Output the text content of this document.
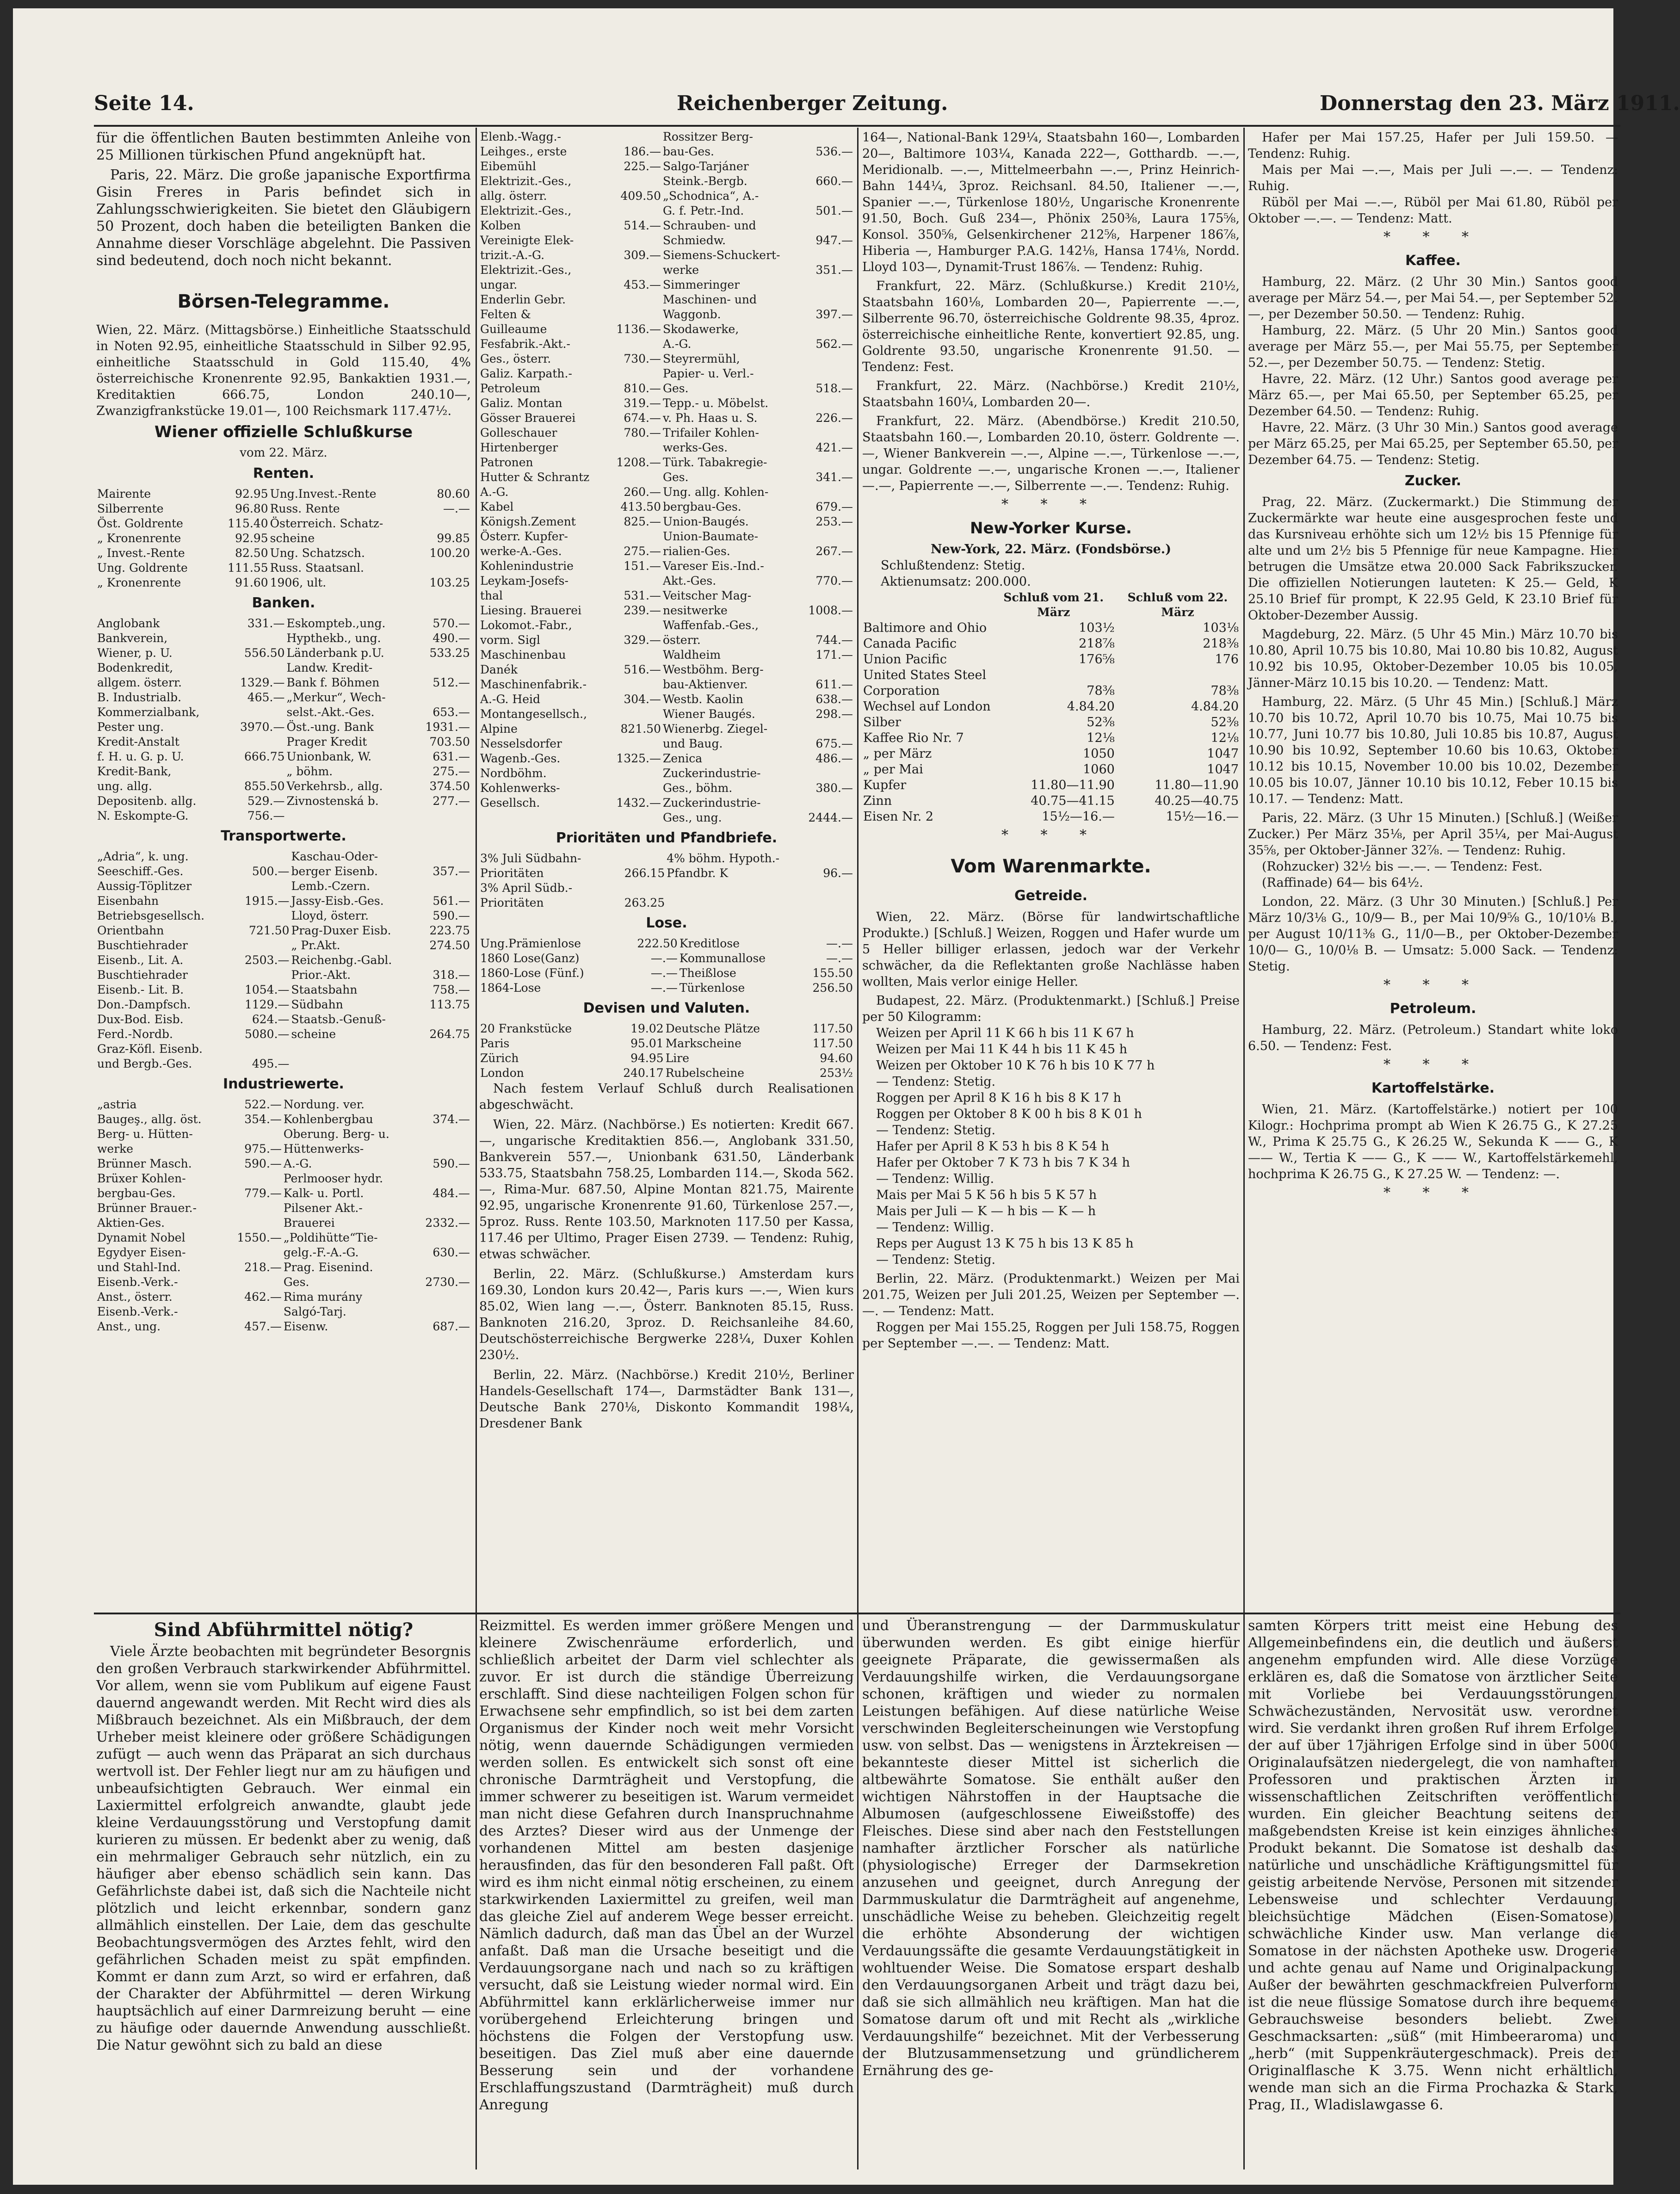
Seite 14.	Reichenberger Zeitung.	Donnerstag den 23. März 1911.

für die öffentlichen Bauten bestimmten Anleihe von 25 Millionen türkischen Pfund angeknüpft hat.

Paris, 22. März. Die große japanische Exportfirma Gisin Freres in Paris befindet sich in Zahlungsschwierigkeiten. Sie bietet den Gläubigern 50 Prozent, doch haben die beteiligten Banken die Annahme dieser Vorschläge abgelehnt. Die Passiven sind bedeutend, doch noch nicht bekannt.

Börsen-Telegramme.

Wien, 22. März. (Mittagsbörse.) Einheitliche Staatsschuld in Noten 92.95, einheitliche Staatsschuld in Silber 92.95, einheitliche Staatsschuld in Gold 115.40, 4% österreichische Kronenrente 92.95, Bankaktien 1931.—, Kreditaktien 666.75, London 240.10—, Zwanzigfrankstücke 19.01—, 100 Reichsmark 117.47½.

Wiener offizielle Schlußkurse
vom 22. März.
Renten.
Mairente	92.95	Ung.Invest.-Rente	80.60
Silberrente	96.80	Russ. Rente	—.—
Öst. Goldrente	115.40	Österreich. Schatz-	
„ Kronenrente	92.95	scheine	99.85
„ Invest.-Rente	82.50	Ung. Schatzsch.	100.20
Ung. Goldrente	111.55	Russ. Staatsanl.	
„ Kronenrente	91.60	1906, ult.	103.25
Banken.
Anglobank	331.—	Eskompteb.,ung.	570.—
Bankverein,		Hypthekb., ung.	490.—
Wiener, p. U.	556.50	Länderbank p.U.	533.25
Bodenkredit,		Landw. Kredit-	
allgem. österr.	1329.—	Bank f. Böhmen	512.—
B. Industrialb.	465.—	„Merkur“, Wech-	
Kommerzialbank,		selst.-Akt.-Ges.	653.—
Pester ung.	3970.—	Öst.-ung. Bank	1931.—
Kredit-Anstalt		Prager Kredit	703.50
f. H. u. G. p. U.	666.75	Unionbank, W.	631.—
Kredit-Bank,		„ böhm.	275.—
ung. allg.	855.50	Verkehrsb., allg.	374.50
Depositenb. allg.	529.—	Zivnostenská b.	277.—
N. Eskompte-G.	756.—		
Transportwerte.
„Adria“, k. ung.		Kaschau-Oder-	
Seeschiff.-Ges.	500.—	berger Eisenb.	357.—
Aussig-Töplitzer		Lemb.-Czern.	
Eisenbahn	1915.—	Jassy-Eisb.-Ges.	561.—
Betriebsgesellsch.		Lloyd, österr.	590.—
Orientbahn	721.50	Prag-Duxer Eisb.	223.75
Buschtiehrader		„ Pr.Akt.	274.50
Eisenb., Lit. A.	2503.—	Reichenbg.-Gabl.	
Buschtiehrader		Prior.-Akt.	318.—
Eisenb.- Lit. B.	1054.—	Staatsbahn	758.—
Don.-Dampfsch.	1129.—	Südbahn	113.75
Dux-Bod. Eisb.	624.—	Staatsb.-Genuß-	
Ferd.-Nordb.	5080.—	scheine	264.75
Graz-Köfl. Eisenb.			
und Bergb.-Ges.	495.—		
Industriewerte.
„astria	522.—	Nordung. ver.	
Baugeş., allg. öst.	354.—	Kohlenbergbau	374.—
Berg- u. Hütten-		Oberung. Berg- u.	
werke	975.—	Hüttenwerks-	
Brünner Masch.	590.—	A.-G.	590.—
Brüxer Kohlen-		Perlmooser hydr.	
bergbau-Ges.	779.—	Kalk- u. Portl.	484.—
Brünner Brauer.-		Pilsener Akt.-	
Aktien-Ges.		Brauerei	2332.—
Dynamit Nobel	1550.—	„Poldihütte“Tie-	
Egydyer Eisen-		gelg.-F.-A.-G.	630.—
und Stahl-Ind.	218.—	Prag. Eisenind.	
Eisenb.-Verk.-		Ges.	2730.—
Anst., österr.	462.—	Rima murány	
Eisenb.-Verk.-		Salgó-Tarj.	
Anst., ung.	457.—	Eisenw.	687.—
Elenb.-Wagg.-		Rossitzer Berg-	
Leihges., erste	186.—	bau-Ges.	536.—
Eibemühl	225.—	Salgo-Tarjáner	
Elektrizit.-Ges.,		Steink.-Bergb.	660.—
allg. österr.	409.50	„Schodnica“, A.-	
Elektrizit.-Ges.,		G. f. Petr.-Ind.	501.—
Kolben	514.—	Schrauben- und	
Vereinigte Elek-		Schmiedw.	947.—
trizit.-A.-G.	309.—	Siemens-Schuckert-	
Elektrizit.-Ges.,		werke	351.—
ungar.	453.—	Simmeringer	
Enderlin Gebr.		Maschinen- und	
Felten &		Waggonb.	397.—
Guilleaume	1136.—	Skodawerke,	
Fesfabrik.-Akt.-		A.-G.	562.—
Ges., österr.	730.—	Steyrermühl,	
Galiz. Karpath.-		Papier- u. Verl.-	
Petroleum	810.—	Ges.	518.—
Galiz. Montan	319.—	Tepp.- u. Möbelst.	
Gösser Brauerei	674.—	v. Ph. Haas u. S.	226.—
Golleschauer	780.—	Trifailer Kohlen-	
Hirtenberger		werks-Ges.	421.—
Patronen	1208.—	Türk. Tabakregie-	
Hutter & Schrantz		Ges.	341.—
A.-G.	260.—	Ung. allg. Kohlen-	
Kabel	413.50	bergbau-Ges.	679.—
Königsh.Zement	825.—	Union-Baugés.	253.—
Österr. Kupfer-		Union-Baumate-	
werke-A.-Ges.	275.—	rialien-Ges.	267.—
Kohlenindustrie	151.—	Vareser Eis.-Ind.-	
Leykam-Josefs-		Akt.-Ges.	770.—
thal	531.—	Veitscher Mag-	
Liesing. Brauerei	239.—	nesitwerke	1008.—
Lokomot.-Fabr.,		Waffenfab.-Ges.,	
vorm. Sigl	329.—	österr.	744.—
Maschinenbau		Waldheim	171.—
Danék	516.—	Westböhm. Berg-	
Maschinenfabrik.-		bau-Aktienver.	611.—
A.-G. Heid	304.—	Westb. Kaolin	638.—
Montangesellsch.,		Wiener Baugés.	298.—
Alpine	821.50	Wienerbg. Ziegel-	
Nesselsdorfer		und Baug.	675.—
Wagenb.-Ges.	1325.—	Zenica	486.—
Nordböhm.		Zuckerindustrie-	
Kohlenwerks-		Ges., böhm.	380.—
Gesellsch.	1432.—	Zuckerindustrie-	
		Ges., ung.	2444.—
Prioritäten und Pfandbriefe.
3% Juli Südbahn-		4% böhm. Hypoth.-	
Prioritäten	266.15	Pfandbr. K	96.—
3% April Südb.-			
Prioritäten	263.25		
Lose.
Ung.Prämienlose	222.50	Kreditlose	—.—
1860 Lose(Ganz)	—.—	Kommunallose	—.—
1860-Lose (Fünf.)	—.—	Theißlose	155.50
1864-Lose	—.—	Türkenlose	256.50
Devisen und Valuten.
20 Frankstücke	19.02	Deutsche Plätze	117.50
Paris	95.01	Markscheine	117.50
Zürich	94.95	Lire	94.60
London	240.17	Rubelscheine	253½

Nach festem Verlauf Schluß durch Realisationen abgeschwächt.

Wien, 22. März. (Nachbörse.) Es notierten: Kredit 667.—, ungarische Kreditaktien 856.—, Anglobank 331.50, Bankverein 557.—, Unionbank 631.50, Länderbank 533.75, Staatsbahn 758.25, Lombarden 114.—, Skoda 562.—, Rima-Mur. 687.50, Alpine Montan 821.75, Mairente 92.95, ungarische Kronenrente 91.60, Türkenlose 257.—, 5proz. Russ. Rente 103.50, Marknoten 117.50 per Kassa, 117.46 per Ultimo, Prager Eisen 2739. — Tendenz: Ruhig, etwas schwächer.

Berlin, 22. März. (Schlußkurse.) Amsterdam kurs 169.30, London kurs 20.42—, Paris kurs —.—, Wien kurs 85.02, Wien lang —.—, Österr. Banknoten 85.15, Russ. Banknoten 216.20, 3proz. D. Reichsanleihe 84.60, Deutschösterreichische Bergwerke 228¼, Duxer Kohlen 230½.

Berlin, 22. März. (Nachbörse.) Kredit 210½, Berliner Handels-Gesellschaft 174—, Darmstädter Bank 131—, Deutsche Bank 270⅛, Diskonto Kommandit 198¼, Dresdener Bank

164—, National-Bank 129¼, Staatsbahn 160—, Lombarden 20—, Baltimore 103¼, Kanada 222—, Gotthardb. —.—, Meridionalb. —.—, Mittelmeerbahn —.—, Prinz Heinrich-Bahn 144¼, 3proz. Reichsanl. 84.50, Italiener —.—, Spanier —.—, Türkenlose 180½, Ungarische Kronenrente 91.50, Boch. Guß 234—, Phönix 250⅜, Laura 175⅝, Konsol. 350⅝, Gelsenkirchener 212⅝, Harpener 186⅞, Hiberia —, Hamburger P.A.G. 142⅛, Hansa 174⅛, Nordd. Lloyd 103—, Dynamit-Trust 186⅞. — Tendenz: Ruhig.

Frankfurt, 22. März. (Schlußkurse.) Kredit 210½, Staatsbahn 160⅛, Lombarden 20—, Papierrente —.—, Silberrente 96.70, österreichische Goldrente 98.35, 4proz. österreichische einheitliche Rente, konvertiert 92.85, ung. Goldrente 93.50, ungarische Kronenrente 91.50. — Tendenz: Fest.

Frankfurt, 22. März. (Nachbörse.) Kredit 210½, Staatsbahn 160¼, Lombarden 20—.

Frankfurt, 22. März. (Abendbörse.) Kredit 210.50, Staatsbahn 160.—, Lombarden 20.10, österr. Goldrente —.—, Wiener Bankverein —.—, Alpine —.—, Türkenlose —.—, ungar. Goldrente —.—, ungarische Kronen —.—, Italiener —.—, Papierrente —.—, Silberrente —.—. Tendenz: Ruhig.

* * *
New-Yorker Kurse.

New-York, 22. März. (Fondsbörse.)

Schlußtendenz: Stetig.

Aktienumsatz: 200.000.

	Schluß vom 21. März	Schluß vom 22. März
Baltimore and Ohio	103½	103⅛
Canada Pacific	218⅞	218⅜
Union Pacific	176⅝	176
United States Steel		
Corporation	78⅜	78⅜
Wechsel auf London	4.84.20	4.84.20
Silber	52⅜	52⅜
Kaffee Rio Nr. 7	12⅛	12⅛
„ per März	1050	1047
„ per Mai	1060	1047
Kupfer	11.80—11.90	11.80—11.90
Zinn	40.75—41.15	40.25—40.75
Eisen Nr. 2	15½—16.—	15½—16.—
* * *
Vom Warenmarkte.
Getreide.

Wien, 22. März. (Börse für landwirtschaftliche Produkte.) [Schluß.] Weizen, Roggen und Hafer wurde um 5 Heller billiger erlassen, jedoch war der Verkehr schwächer, da die Reflektanten große Nachlässe haben wollten, Mais verlor einige Heller.

Budapest, 22. März. (Produktenmarkt.) [Schluß.] Preise per 50 Kilogramm:

Weizen per April 11 K 66 h bis 11 K 67 h

Weizen per Mai 11 K 44 h bis 11 K 45 h

Weizen per Oktober 10 K 76 h bis 10 K 77 h

— Tendenz: Stetig.

Roggen per April 8 K 16 h bis 8 K 17 h

Roggen per Oktober 8 K 00 h bis 8 K 01 h

— Tendenz: Stetig.

Hafer per April 8 K 53 h bis 8 K 54 h

Hafer per Oktober 7 K 73 h bis 7 K 34 h

— Tendenz: Willig.

Mais per Mai 5 K 56 h bis 5 K 57 h

Mais per Juli — K — h bis — K — h

— Tendenz: Willig.

Reps per August 13 K 75 h bis 13 K 85 h

— Tendenz: Stetig.

Berlin, 22. März. (Produktenmarkt.) Weizen per Mai 201.75, Weizen per Juli 201.25, Weizen per September —.—. — Tendenz: Matt.

Roggen per Mai 155.25, Roggen per Juli 158.75, Roggen per September —.—. — Tendenz: Matt.

Hafer per Mai 157.25, Hafer per Juli 159.50. — Tendenz: Ruhig.

Mais per Mai —.—, Mais per Juli —.—. — Tendenz: Ruhig.

Rüböl per Mai —.—, Rüböl per Mai 61.80, Rüböl per Oktober —.—. — Tendenz: Matt.

* * *
Kaffee.

Hamburg, 22. März. (2 Uhr 30 Min.) Santos good average per März 54.—, per Mai 54.—, per September 52.—, per Dezember 50.50. — Tendenz: Ruhig.

Hamburg, 22. März. (5 Uhr 20 Min.) Santos good average per März 55.—, per Mai 55.75, per September 52.—, per Dezember 50.75. — Tendenz: Stetig.

Havre, 22. März. (12 Uhr.) Santos good average per März 65.—, per Mai 65.50, per September 65.25, per Dezember 64.50. — Tendenz: Ruhig.

Havre, 22. März. (3 Uhr 30 Min.) Santos good average per März 65.25, per Mai 65.25, per September 65.50, per Dezember 64.75. — Tendenz: Stetig.

Zucker.

Prag, 22. März. (Zuckermarkt.) Die Stimmung der Zuckermärkte war heute eine ausgesprochen feste und das Kursniveau erhöhte sich um 12½ bis 15 Pfennige für alte und um 2½ bis 5 Pfennige für neue Kampagne. Hier betrugen die Umsätze etwa 20.000 Sack Fabrikszucker. Die offiziellen Notierungen lauteten: K 25.— Geld, K 25.10 Brief für prompt, K 22.95 Geld, K 23.10 Brief für Oktober-Dezember Aussig.

Magdeburg, 22. März. (5 Uhr 45 Min.) März 10.70 bis 10.80, April 10.75 bis 10.80, Mai 10.80 bis 10.82, August 10.92 bis 10.95, Oktober-Dezember 10.05 bis 10.05, Jänner-März 10.15 bis 10.20. — Tendenz: Matt.

Hamburg, 22. März. (5 Uhr 45 Min.) [Schluß.] März 10.70 bis 10.72, April 10.70 bis 10.75, Mai 10.75 bis 10.77, Juni 10.77 bis 10.80, Juli 10.85 bis 10.87, August 10.90 bis 10.92, September 10.60 bis 10.63, Oktober 10.12 bis 10.15, November 10.00 bis 10.02, Dezember 10.05 bis 10.07, Jänner 10.10 bis 10.12, Feber 10.15 bis 10.17. — Tendenz: Matt.

Paris, 22. März. (3 Uhr 15 Minuten.) [Schluß.] (Weißer Zucker.) Per März 35⅛, per April 35¼, per Mai-August 35⅝, per Oktober-Jänner 32⅞. — Tendenz: Ruhig.

(Rohzucker) 32½ bis —.—. — Tendenz: Fest.

(Raffinade) 64— bis 64½.

London, 22. März. (3 Uhr 30 Minuten.) [Schluß.] Per März 10/3⅛ G., 10/9— B., per Mai 10/9⅝ G., 10/10⅛ B., per August 10/11⅜ G., 11/0—B., per Oktober-Dezember 10/0— G., 10/0⅛ B. — Umsatz: 5.000 Sack. — Tendenz: Stetig.

* * *
Petroleum.

Hamburg, 22. März. (Petroleum.) Standart white loko 6.50. — Tendenz: Fest.

* * *
Kartoffelstärke.

Wien, 21. März. (Kartoffelstärke.) notiert per 100 Kilogr.: Hochprima prompt ab Wien K 26.75 G., K 27.25 W., Prima K 25.75 G., K 26.25 W., Sekunda K —— G., K —— W., Tertia K —— G., K —— W., Kartoffelstärkemehl, hochprima K 26.75 G., K 27.25 W. — Tendenz: —.

* * *
Sind Abführmittel nötig?

Viele Ärzte beobachten mit begründeter Besorgnis den großen Verbrauch starkwirkender Abführmittel. Vor allem, wenn sie vom Publikum auf eigene Faust dauernd angewandt werden. Mit Recht wird dies als Mißbrauch bezeichnet. Als ein Mißbrauch, der dem Urheber meist kleinere oder größere Schädigungen zufügt — auch wenn das Präparat an sich durchaus wertvoll ist. Der Fehler liegt nur am zu häufigen und unbeaufsichtigten Gebrauch. Wer einmal ein Laxiermittel erfolgreich anwandte, glaubt jede kleine Verdauungsstörung und Verstopfung damit kurieren zu müssen. Er bedenkt aber zu wenig, daß ein mehrmaliger Gebrauch sehr nützlich, ein zu häufiger aber ebenso schädlich sein kann. Das Gefährlichste dabei ist, daß sich die Nachteile nicht plötzlich und leicht erkennbar, sondern ganz allmählich einstellen. Der Laie, dem das geschulte Beobachtungsvermögen des Arztes fehlt, wird den gefährlichen Schaden meist zu spät empfinden. Kommt er dann zum Arzt, so wird er erfahren, daß der Charakter der Abführmittel — deren Wirkung hauptsächlich auf einer Darmreizung beruht — eine zu häufige oder dauernde Anwendung ausschließt. Die Natur gewöhnt sich zu bald an diese

Reizmittel. Es werden immer größere Mengen und kleinere Zwischenräume erforderlich, und schließlich arbeitet der Darm viel schlechter als zuvor. Er ist durch die ständige Überreizung erschlafft. Sind diese nachteiligen Folgen schon für Erwachsene sehr empfindlich, so ist bei dem zarten Organismus der Kinder noch weit mehr Vorsicht nötig, wenn dauernde Schädigungen vermieden werden sollen. Es entwickelt sich sonst oft eine chronische Darmträgheit und Verstopfung, die immer schwerer zu beseitigen ist. Warum vermeidet man nicht diese Gefahren durch Inanspruchnahme des Arztes? Dieser wird aus der Unmenge der vorhandenen Mittel am besten dasjenige herausfinden, das für den besonderen Fall paßt. Oft wird es ihm nicht einmal nötig erscheinen, zu einem starkwirkenden Laxiermittel zu greifen, weil man das gleiche Ziel auf anderem Wege besser erreicht. Nämlich dadurch, daß man das Übel an der Wurzel anfaßt. Daß man die Ursache beseitigt und die Verdauungsorgane nach und nach so zu kräftigen versucht, daß sie Leistung wieder normal wird. Ein Abführmittel kann erklärlicherweise immer nur vorübergehend Erleichterung bringen und höchstens die Folgen der Verstopfung usw. beseitigen. Das Ziel muß aber eine dauernde Besserung sein und der vorhandene Erschlaffungszustand (Darmträgheit) muß durch Anregung

und Überanstrengung — der Darmmuskulatur überwunden werden. Es gibt einige hierfür geeignete Präparate, die gewissermaßen als Verdauungshilfe wirken, die Verdauungsorgane schonen, kräftigen und wieder zu normalen Leistungen befähigen. Auf diese natürliche Weise verschwinden Begleiterscheinungen wie Verstopfung usw. von selbst. Das — wenigstens in Ärztekreisen — bekannteste dieser Mittel ist sicherlich die altbewährte Somatose. Sie enthält außer den wichtigen Nährstoffen in der Hauptsache die Albumosen (aufgeschlossene Eiweißstoffe) des Fleisches. Diese sind aber nach den Feststellungen namhafter ärztlicher Forscher als natürliche (physiologische) Erreger der Darmsekretion anzusehen und geeignet, durch Anregung der Darmmuskulatur die Darmträgheit auf angenehme, unschädliche Weise zu beheben. Gleichzeitig regelt die erhöhte Absonderung der wichtigen Verdauungssäfte die gesamte Verdauungstätigkeit in wohltuender Weise. Die Somatose erspart deshalb den Verdauungsorganen Arbeit und trägt dazu bei, daß sie sich allmählich neu kräftigen. Man hat die Somatose darum oft und mit Recht als „wirkliche Verdauungshilfe“ bezeichnet. Mit der Verbesserung der Blutzusammensetzung und gründlicherem Ernährung des ge-

samten Körpers tritt meist eine Hebung des Allgemeinbefindens ein, die deutlich und äußerst angenehm empfunden wird. Alle diese Vorzüge erklären es, daß die Somatose von ärztlicher Seite mit Vorliebe bei Verdauungsstörungen, Schwächezuständen, Nervosität usw. verordnet wird. Sie verdankt ihren großen Ruf ihrem Erfolge, der auf über 17jährigen Erfolge sind in über 5000 Originalaufsätzen niedergelegt, die von namhaften Professoren und praktischen Ärzten in wissenschaftlichen Zeitschriften veröffentlicht wurden. Ein gleicher Beachtung seitens der maßgebendsten Kreise ist kein einziges ähnliches Produkt bekannt. Die Somatose ist deshalb das natürliche und unschädliche Kräftigungsmittel für geistig arbeitende Nervöse, Personen mit sitzender Lebensweise und schlechter Verdauung, bleichsüchtige Mädchen (Eisen-Somatose), schwächliche Kinder usw. Man verlange die Somatose in der nächsten Apotheke usw. Drogerie und achte genau auf Name und Originalpackung. Außer der bewährten geschmackfreien Pulverform ist die neue flüssige Somatose durch ihre bequeme Gebrauchsweise besonders beliebt. Zwei Geschmacksarten: „süß“ (mit Himbeeraroma) und „herb“ (mit Suppenkräutergeschmack). Preis der Originalflasche K 3.75. Wenn nicht erhältlich, wende man sich an die Firma Prochazka & Stark, Prag, II., Wladislawgasse 6.
